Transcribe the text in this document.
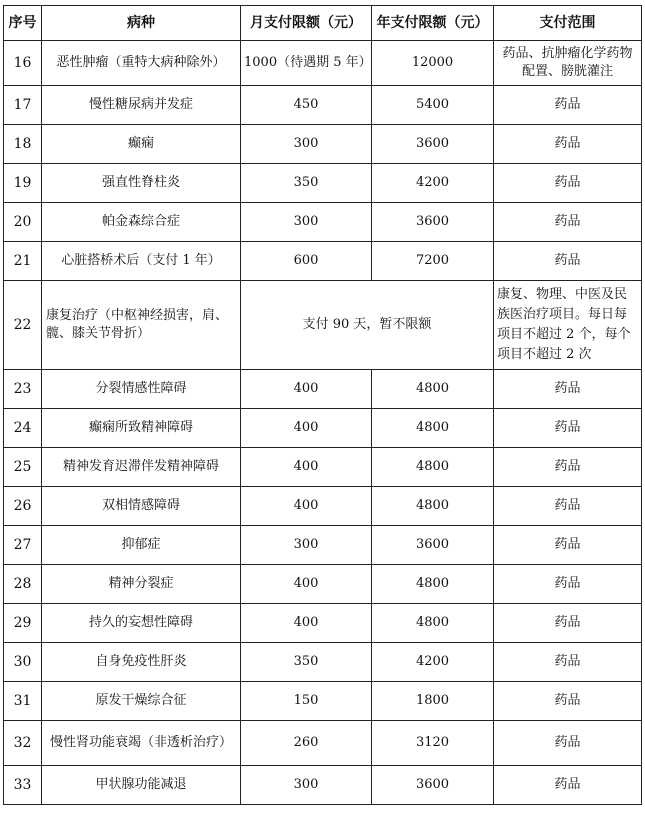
序号	病种	月支付限额（元）	年支付限额（元）	支付范围
16	恶性肿瘤（重特大病种除外）	1000（待遇期 5 年）	12000	药品、抗肿瘤化学药物配置、膀胱灌注
17	慢性糖尿病并发症	450	5400	药品
18	癫痫	300	3600	药品
19	强直性脊柱炎	350	4200	药品
20	帕金森综合症	300	3600	药品
21	心脏搭桥术后（支付 1 年）	600	7200	药品
22	康复治疗（中枢神经损害，肩、髋、膝关节骨折）	支付 90 天，暂不限额		康复、物理、中医及民族医治疗项目。每日每项目不超过 2 个，每个项目不超过 2 次
23	分裂情感性障碍	400	4800	药品
24	癫痫所致精神障碍	400	4800	药品
25	精神发育迟滞伴发精神障碍	400	4800	药品
26	双相情感障碍	400	4800	药品
27	抑郁症	300	3600	药品
28	精神分裂症	400	4800	药品
29	持久的妄想性障碍	400	4800	药品
30	自身免疫性肝炎	350	4200	药品
31	原发干燥综合征	150	1800	药品
32	慢性肾功能衰竭（非透析治疗）	260	3120	药品
33	甲状腺功能减退	300	3600	药品
